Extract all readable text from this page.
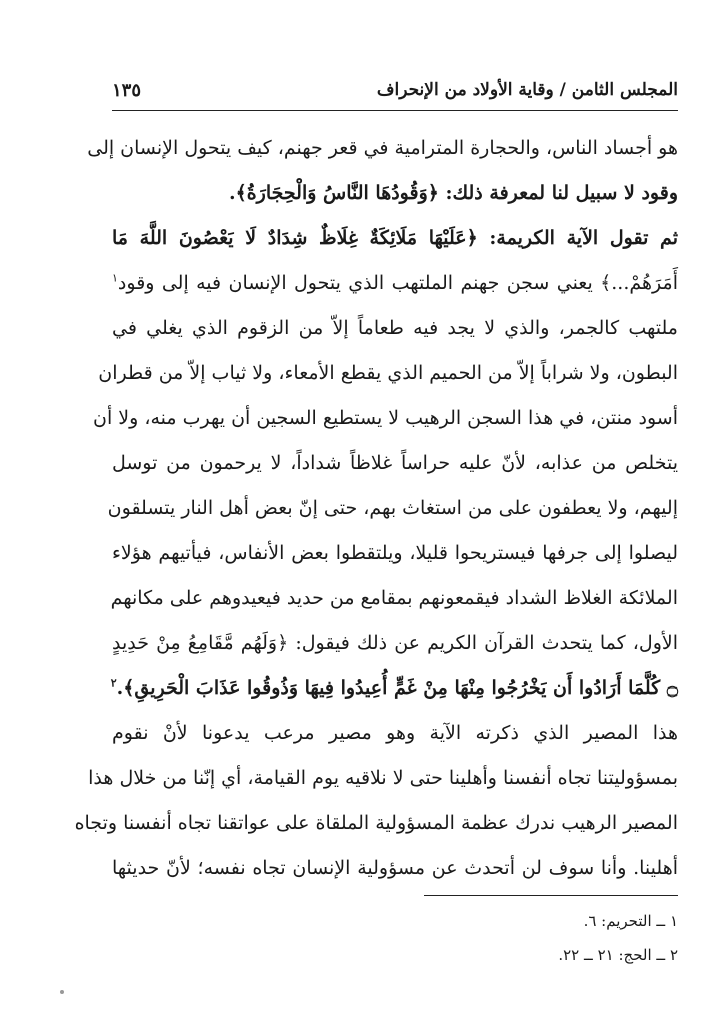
المجلس الثامن / وقاية الأولاد من الإنحراف
١٣٥
هو أجساد الناس، والحجارة المترامية في قعر جهنم، كيف يتحول الإنسان إلى
وقود لا سبيل لنا لمعرفة ذلك: ﴿وَقُودُهَا النَّاسُ وَالْحِجَارَةُ﴾.
ثم تقول الآية الكريمة: ﴿عَلَيْهَا مَلَائِكَةٌ غِلَاظٌ شِدَادٌ لَا يَعْصُونَ اللَّهَ مَا
أَمَرَهُمْ...﴾ يعني سجن جهنم الملتهب الذي يتحول الإنسان فيه إلى وقود$^١$
ملتهب كالجمر، والذي لا يجد فيه طعاماً إلاّ من الزقوم الذي يغلي في
البطون، ولا شراباً إلاّ من الحميم الذي يقطع الأمعاء، ولا ثياب إلاّ من قطران
أسود منتن، في هذا السجن الرهيب لا يستطيع السجين أن يهرب منه، ولا أن
يتخلص من عذابه، لأنّ عليه حراساً غلاظاً شداداً، لا يرحمون من توسل
إليهم، ولا يعطفون على من استغاث بهم، حتى إنّ بعض أهل النار يتسلقون
ليصلوا إلى جرفها فيستريحوا قليلا، ويلتقطوا بعض الأنفاس، فيأتيهم هؤلاء
الملائكة الغلاظ الشداد فيقمعونهم بمقامع من حديد فيعيدوهم على مكانهم
الأول، كما يتحدث القرآن الكريم عن ذلك فيقول: ﴿وَلَهُم مَّقَامِعُ مِنْ حَدِيدٍ
۝ كُلَّمَا أَرَادُوا أَن يَخْرُجُوا مِنْهَا مِنْ غَمٍّ أُعِيدُوا فِيهَا وَذُوقُوا عَذَابَ الْحَرِيقِ﴾.$^٢$
هذا المصير الذي ذكرته الآية وهو مصير مرعب يدعونا لأنْ نقوم
بمسؤوليتنا تجاه أنفسنا وأهلينا حتى لا نلاقيه يوم القيامة، أي إنّنا من خلال هذا
المصير الرهيب ندرك عظمة المسؤولية الملقاة على عواتقنا تجاه أنفسنا وتجاه
أهلينا. وأنا سوف لن أتحدث عن مسؤولية الإنسان تجاه نفسه؛ لأنّ حديثها
١ ــ التحريم: ٦.
٢ ــ الحج: ٢١ ــ ٢٢.
